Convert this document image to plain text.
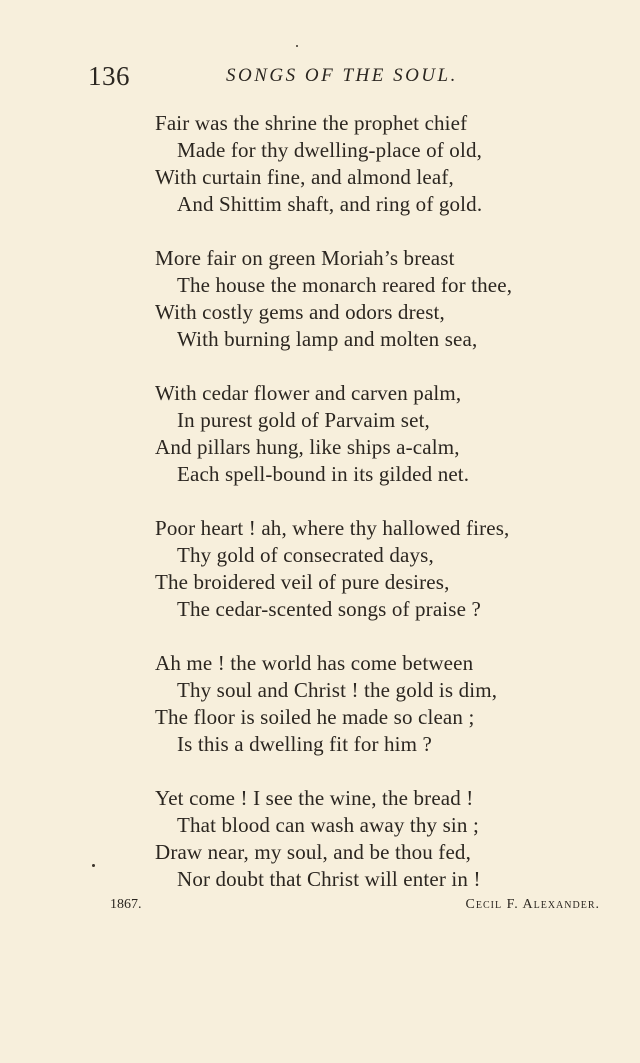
136	SONGS OF THE SOUL.
Fair was the shrine the prophet chief
Made for thy dwelling-place of old,
With curtain fine, and almond leaf,
And Shittim shaft, and ring of gold.
More fair on green Moriah’s breast
The house the monarch reared for thee,
With costly gems and odors drest,
With burning lamp and molten sea,
With cedar flower and carven palm,
In purest gold of Parvaim set,
And pillars hung, like ships a-calm,
Each spell-bound in its gilded net.
Poor heart ! ah, where thy hallowed fires,
Thy gold of consecrated days,
The broidered veil of pure desires,
The cedar-scented songs of praise ?
Ah me ! the world has come between
Thy soul and Christ ! the gold is dim,
The floor is soiled he made so clean ;
Is this a dwelling fit for him ?
Yet come ! I see the wine, the bread !
That blood can wash away thy sin ;
Draw near, my soul, and be thou fed,
Nor doubt that Christ will enter in !
1867.	Cecil F. Alexander.
